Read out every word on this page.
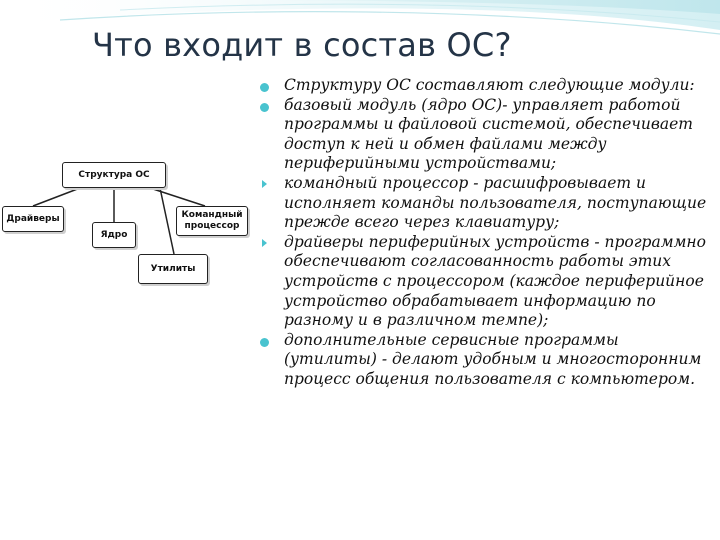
Что входит в состав ОС?
Структура ОС
Драйверы
Ядро
Командный
процессор
Утилиты
Структуру ОС составляют следующие модули:
базовый модуль (ядро ОС)- управляет работой программы и файловой системой, обеспечивает доступ к ней и обмен файлами между периферийными устройствами;
командный процессор - расшифровывает и исполняет команды пользователя, поступающие прежде всего через клавиатуру;
драйверы периферийных устройств - программно обеспечивают согласованность работы этих устройств с процессором (каждое периферийное устройство обрабатывает информацию по разному и в различном темпе);
дополнительные сервисные программы (утилиты) - делают удобным и многосторонним процесс общения пользователя с компьютером.
